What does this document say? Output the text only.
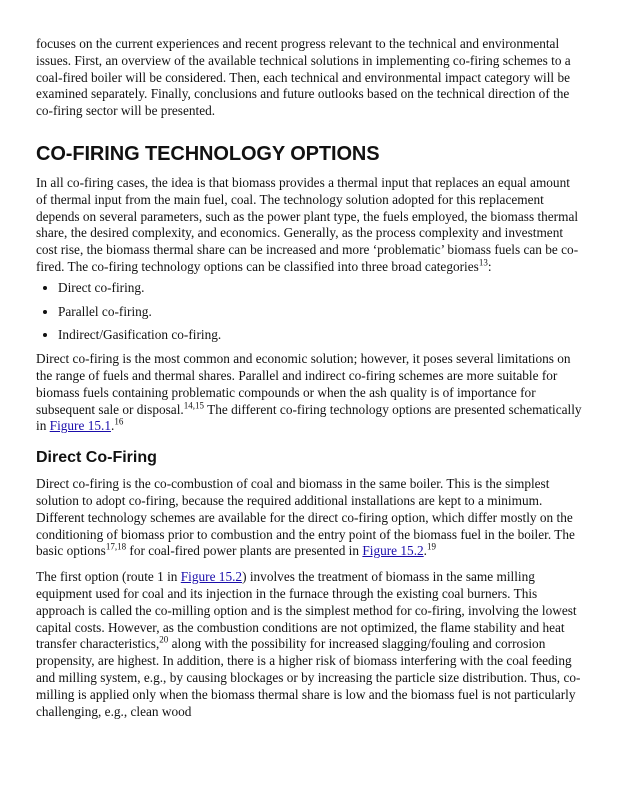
focuses on the current experiences and recent progress relevant to the technical and environmental issues. First, an overview of the available technical solutions in implementing co-firing schemes to a coal-fired boiler will be considered. Then, each technical and environmental impact category will be examined separately. Finally, conclusions and future outlooks based on the technical direction of the co-firing sector will be presented.

CO-FIRING TECHNOLOGY OPTIONS

In all co-firing cases, the idea is that biomass provides a thermal input that replaces an equal amount of thermal input from the main fuel, coal. The technology solution adopted for this replacement depends on several parameters, such as the power plant type, the fuels employed, the biomass thermal share, the desired complexity, and economics. Generally, as the process complexity and investment cost rise, the biomass thermal share can be increased and more ‘problematic’ biomass fuels can be co-fired. The co-firing technology options can be classified into three broad categories$^{13}$:

• Direct co-firing.
• Parallel co-firing.
• Indirect/Gasification co-firing.

Direct co-firing is the most common and economic solution; however, it poses several limitations on the range of fuels and thermal shares. Parallel and indirect co-firing schemes are more suitable for biomass fuels containing problematic compounds or when the ash quality is of importance for subsequent sale or disposal.$^{14,15}$ The different co-firing technology options are presented schematically in Figure 15.1.16

Direct Co-Firing

Direct co-firing is the co-combustion of coal and biomass in the same boiler. This is the simplest solution to adopt co-firing, because the required additional installations are kept to a minimum. Different technology schemes are available for the direct co-firing option, which differ mostly on the conditioning of biomass prior to combustion and the entry point of the biomass fuel in the boiler. The basic options$^{17,18}$ for coal-fired power plants are presented in Figure 15.2.19

The first option (route 1 in Figure 15.2) involves the treatment of biomass in the same milling equipment used for coal and its injection in the furnace through the existing coal burners. This approach is called the co-milling option and is the simplest method for co-firing, involving the lowest capital costs. However, as the combustion conditions are not optimized, the flame stability and heat transfer characteristics,$^{20}$ along with the possibility for increased slagging/fouling and corrosion propensity, are highest. In addition, there is a higher risk of biomass interfering with the coal feeding and milling system, e.g., by causing blockages or by increasing the particle size distribution. Thus, co-milling is applied only when the biomass thermal share is low and the biomass fuel is not particularly challenging, e.g., clean wood
